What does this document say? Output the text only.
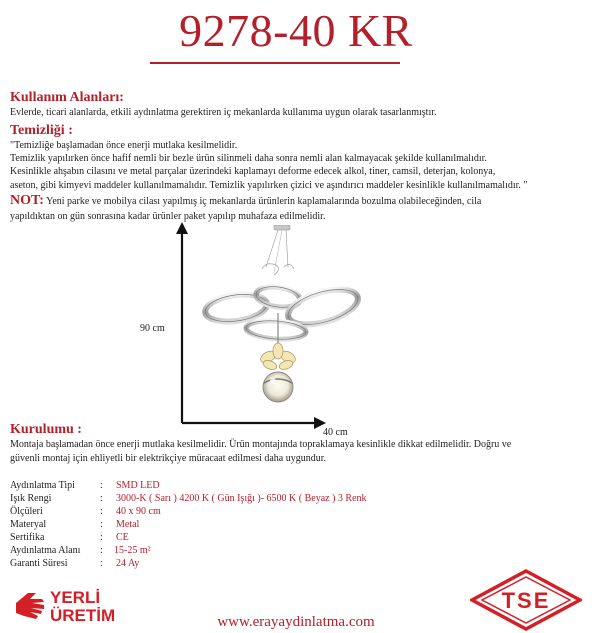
9278-40 KR
Kullanım Alanları:
Evlerde, ticari alanlarda, etkili aydınlatma gerektiren iç mekanlarda kullanıma uygun olarak tasarlanmıştır.
Temizliği :
"Temizliğe başlamadan önce enerji mutlaka kesilmelidir.
Temizlik yapılırken önce hafif nemli bir bezle ürün silinmeli daha sonra nemli alan kalmayacak şekilde kullanılmalıdır.
Kesinlikle ahşabın cilasını ve metal parçalar üzerindeki kaplamayı deforme edecek alkol, tiner, camsil, deterjan, kolonya,
aseton, gibi kimyevi maddeler kullanılmamalıdır. Temizlik yapılırken çizici ve aşındırıcı maddeler kesinlikle kullanılmamalıdır. "
NOT: Yeni parke ve mobilya cilası yapılmış iç mekanlarda ürünlerin kaplamalarında bozulma olabileceğinden, cila
yapıldıktan on gün sonrasına kadar ürünler paket yapılıp muhafaza edilmelidir.
90 cm
40 cm
Kurulumu :
Montaja başlamadan önce enerji mutlaka kesilmelidir. Ürün montajında topraklamaya kesinlikle dikkat edilmelidir. Doğru ve
güvenli montaj için ehliyetli bir elektrikçiye müracaat edilmesi daha uygundur.
Aydınlatma Tipi	: SMD LED
Işık Rengi	: 3000-K ( Sarı ) 4200 K ( Gün Işığı )- 6500 K ( Beyaz ) 3 Renk
Ölçüleri	: 40 x 90 cm
Materyal	: Metal
Sertifika	: CE
Aydınlatma Alanı	: 15-25 m²
Garanti Süresi	: 24 Ay
YERLİ
ÜRETİM
TSE
www.erayaydinlatma.com
